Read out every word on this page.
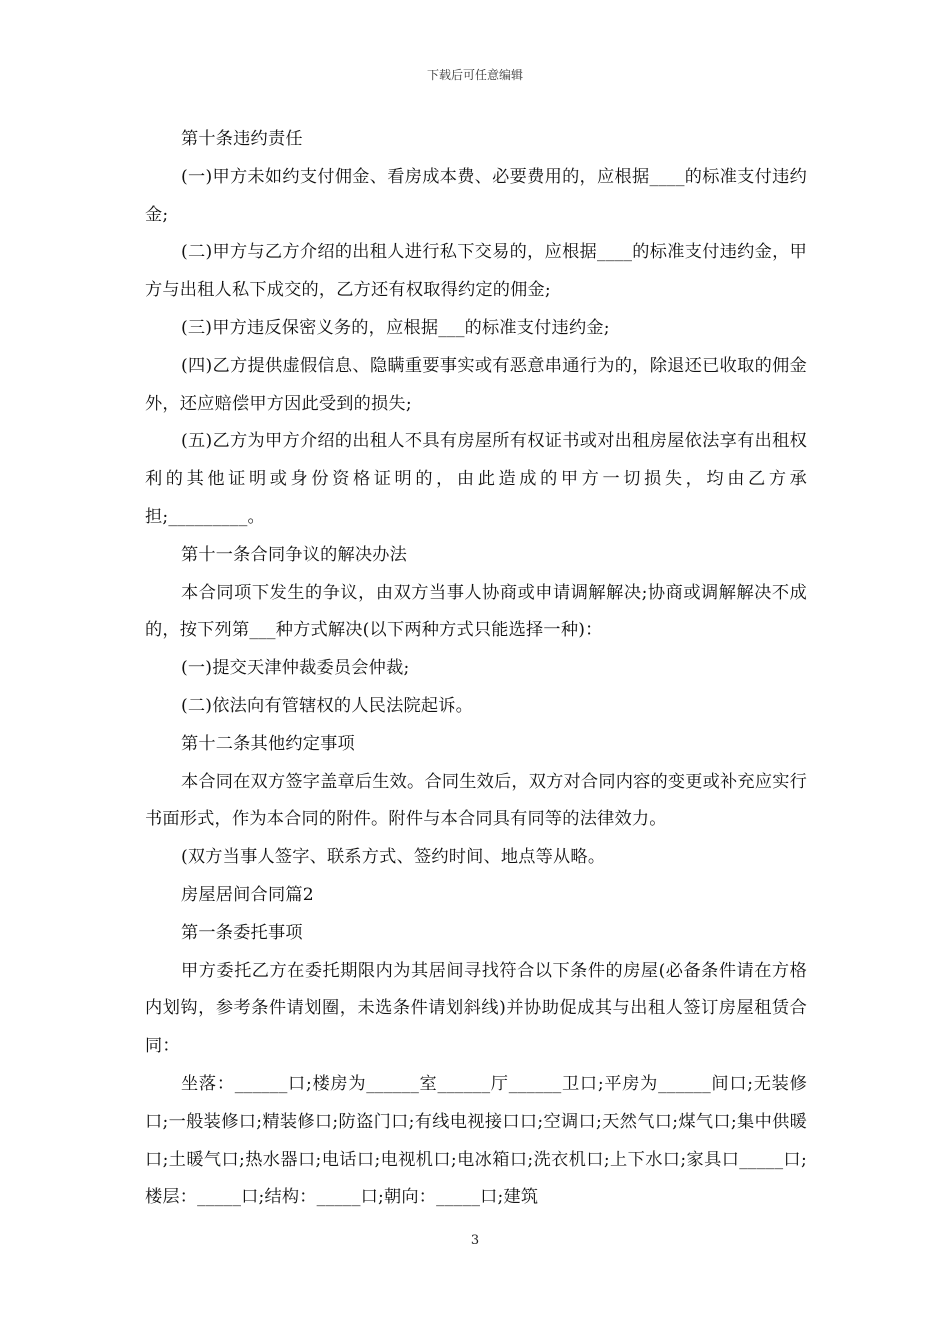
下载后可任意编辑

第十条违约责任

(一)甲方未如约支付佣金、看房成本费、必要费用的，应根据____的标准支付违约金;

(二)甲方与乙方介绍的出租人进行私下交易的，应根据____的标准支付违约金，甲方与出租人私下成交的，乙方还有权取得约定的佣金;

(三)甲方违反保密义务的，应根据___的标准支付违约金;

(四)乙方提供虚假信息、隐瞒重要事实或有恶意串通行为的，除退还已收取的佣金外，还应赔偿甲方因此受到的损失;

(五)乙方为甲方介绍的出租人不具有房屋所有权证书或对出租房屋依法享有出租权利的其他证明或身份资格证明的，由此造成的甲方一切损失，均由乙方承担;_________。

第十一条合同争议的解决办法

本合同项下发生的争议，由双方当事人协商或申请调解解决;协商或调解解决不成的，按下列第___种方式解决(以下两种方式只能选择一种)：

(一)提交天津仲裁委员会仲裁;

(二)依法向有管辖权的人民法院起诉。

第十二条其他约定事项

本合同在双方签字盖章后生效。合同生效后，双方对合同内容的变更或补充应实行书面形式，作为本合同的附件。附件与本合同具有同等的法律效力。

(双方当事人签字、联系方式、签约时间、地点等从略。

房屋居间合同篇2

第一条委托事项

甲方委托乙方在委托期限内为其居间寻找符合以下条件的房屋(必备条件请在方格内划钩，参考条件请划圈，未选条件请划斜线)并协助促成其与出租人签订房屋租赁合同：

坐落：______口;楼房为______室______厅______卫口;平房为______间口;无装修口;一般装修口;精装修口;防盗门口;有线电视接口口;空调口;天然气口;煤气口;集中供暖口;土暖气口;热水器口;电话口;电视机口;电冰箱口;洗衣机口;上下水口;家具口_____口;楼层：_____口;结构：_____口;朝向：_____口;建筑

3
